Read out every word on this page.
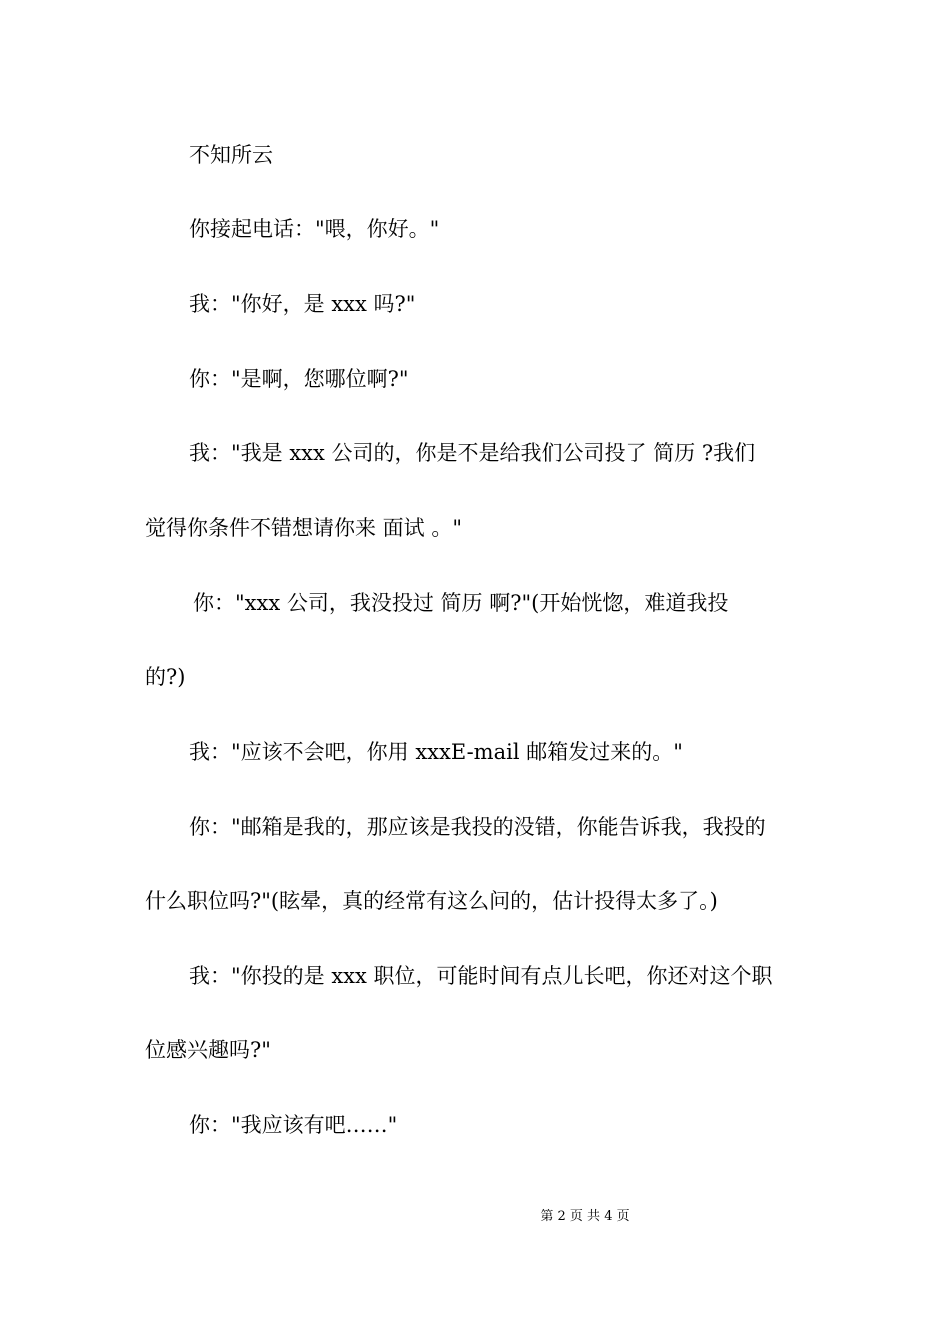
不知所云
你接起电话："喂，你好。"
我："你好，是 xxx 吗?"
你："是啊，您哪位啊?"
我："我是 xxx 公司的，你是不是给我们公司投了 简历 ?我们
觉得你条件不错想请你来 面试 。"
你："xxx 公司，我没投过 简历 啊?"(开始恍惚，难道我投
的?)
我："应该不会吧，你用 xxxE-mail 邮箱发过来的。"
你："邮箱是我的，那应该是我投的没错，你能告诉我，我投的
什么职位吗?"(眩晕，真的经常有这么问的，估计投得太多了。)
我："你投的是 xxx 职位，可能时间有点儿长吧，你还对这个职
位感兴趣吗?"
你："我应该有吧……"
第 2 页 共 4 页
